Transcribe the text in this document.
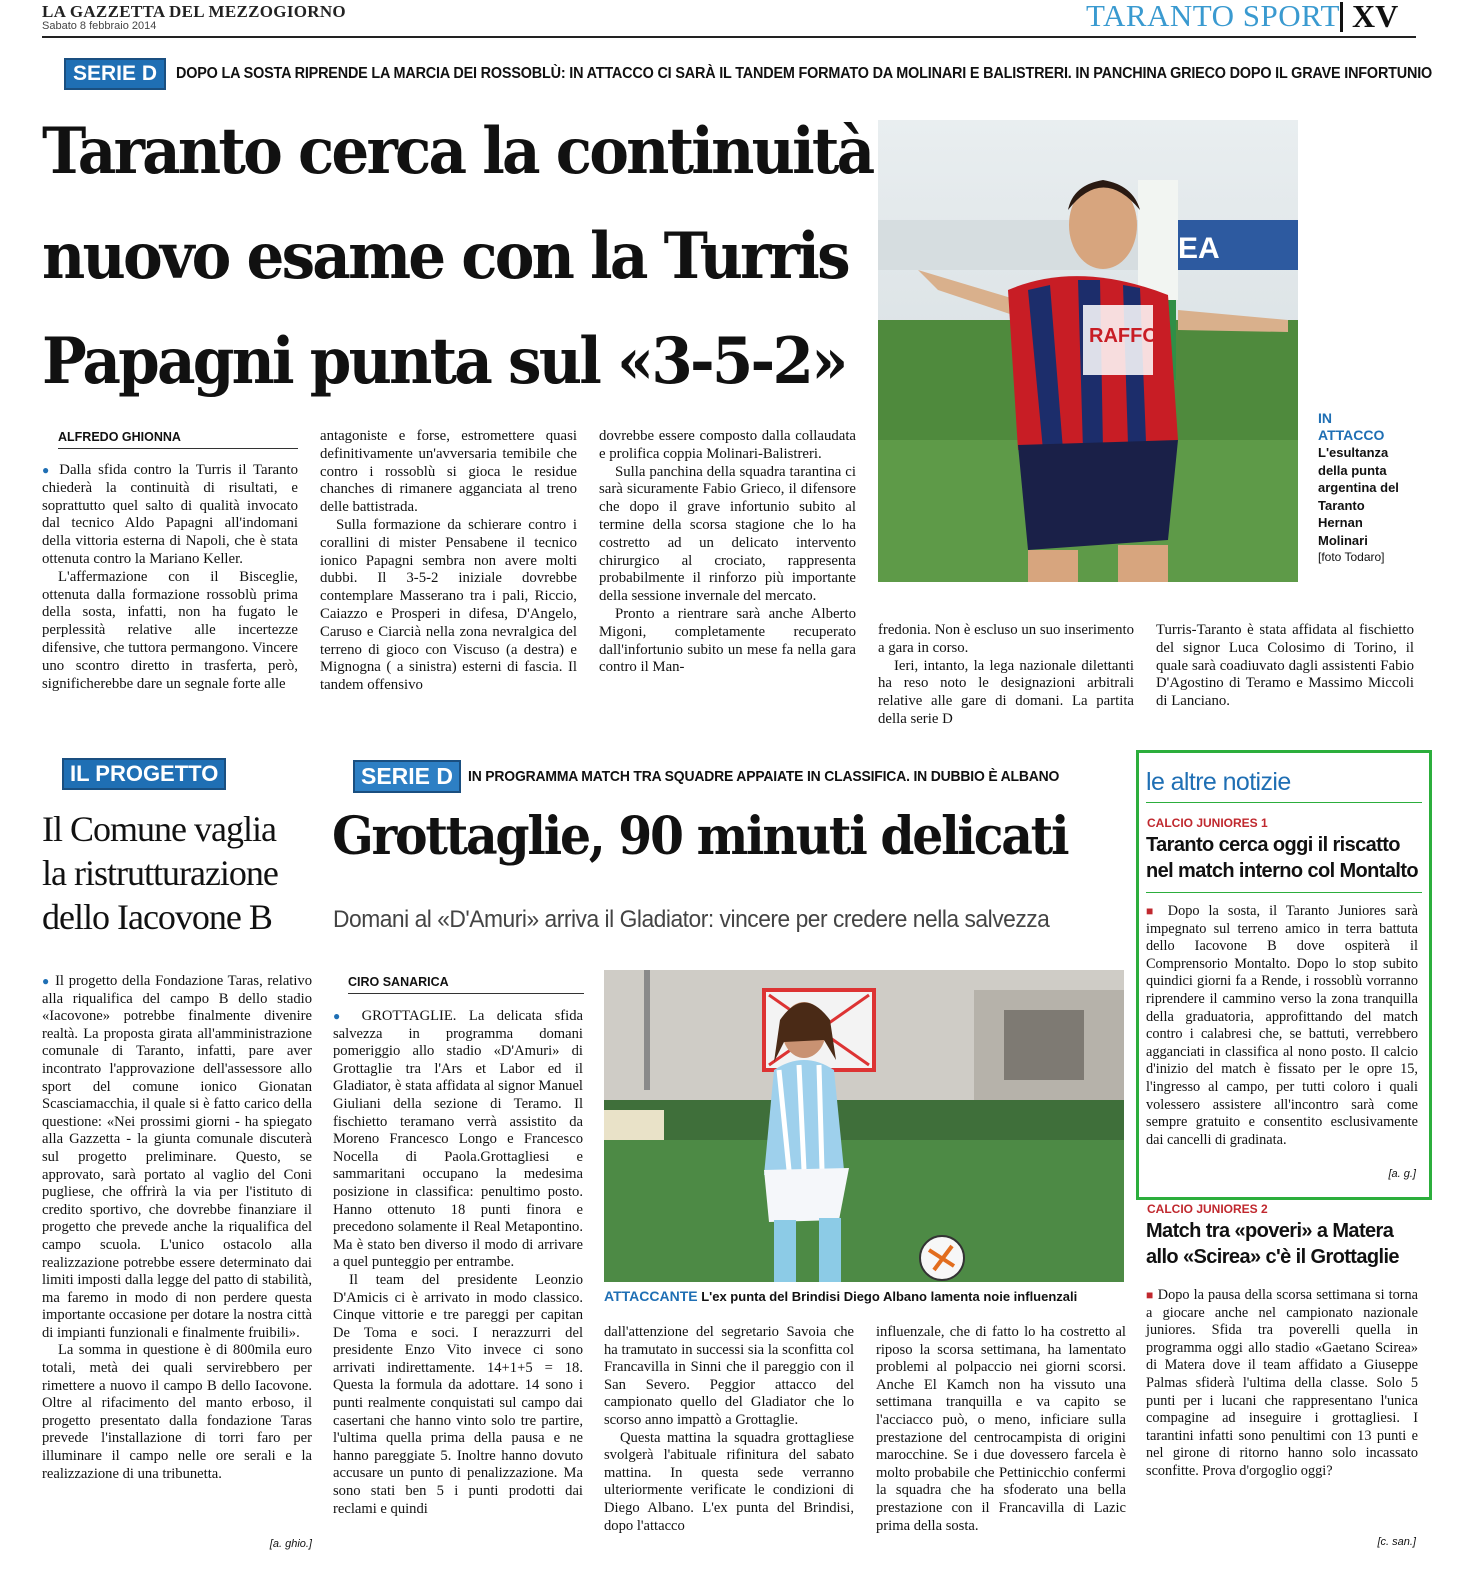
LA GAZZETTA DEL MEZZOGIORNO
Sabato 8 febbraio 2014	TARANTO SPORT XV
SERIE D	DOPO LA SOSTA RIPRENDE LA MARCIA DEI ROSSOBLÙ: IN ATTACCO CI SARÀ IL TANDEM FORMATO DA MOLINARI E BALISTRERI. IN PANCHINA GRIECO DOPO IL GRAVE INFORTUNIO
Taranto cerca la continuità
nuovo esame con la Turris
Papagni punta sul «3-5-2»
ALFREDO GHIONNA

● Dalla sfida contro la Turris il Taranto chiederà la continuità di risultati, e soprattutto quel salto di qualità invocato dal tecnico Aldo Papagni all'indomani della vittoria esterna di Napoli, che è stata ottenuta contro la Mariano Keller.

L'affermazione con il Bisceglie, ottenuta dalla formazione rossoblù prima della sosta, infatti, non ha fugato le perplessità relative alle incertezze difensive, che tuttora permangono. Vincere uno scontro diretto in trasferta, però, significherebbe dare un segnale forte alle

antagoniste e forse, estromettere quasi definitivamente un'avversaria temibile che contro i rossoblù si gioca le residue chanches di rimanere agganciata al treno delle battistrada.

Sulla formazione da schierare contro i corallini di mister Pensabene il tecnico ionico Papagni sembra non avere molti dubbi. Il 3-5-2 iniziale dovrebbe contemplare Masserano tra i pali, Riccio, Caiazzo e Prosperi in difesa, D'Angelo, Caruso e Ciarcià nella zona nevralgica del terreno di gioco con Viscuso (a destra) e Mignogna ( a sinistra) esterni di fascia. Il tandem offensivo

dovrebbe essere composto dalla collaudata e prolifica coppia Molinari-Balistreri.

Sulla panchina della squadra tarantina ci sarà sicuramente Fabio Grieco, il difensore che dopo il grave infortunio subito al termine della scorsa stagione che lo ha costretto ad un delicato intervento chirurgico al crociato, rappresenta probabilmente il rinforzo più importante della sessione invernale del mercato.

Pronto a rientrare sarà anche Alberto Migoni, completamente recuperato dall'infortunio subito un mese fa nella gara contro il Man-

fredonia. Non è escluso un suo inserimento a gara in corso.

Ieri, intanto, la lega nazionale dilettanti ha reso noto le designazioni arbitrali relative alle gare di domani. La partita della serie D

Turris-Taranto è stata affidata al fischietto del signor Luca Colosimo di Torino, il quale sarà coadiuvato dagli assistenti Fabio D'Agostino di Teramo e Massimo Miccoli di Lanciano.

EA
RAFFO
IN
ATTACCO
L'esultanza
della punta
argentina del
Taranto
Hernan
Molinari
[foto Todaro]
IL PROGETTO
Il Comune vaglia
la ristrutturazione
dello Iacovone B

● Il progetto della Fondazione Taras, relativo alla riqualifica del campo B dello stadio «Iacovone» potrebbe finalmente divenire realtà. La proposta girata all'amministrazione comunale di Taranto, infatti, pare aver incontrato l'approvazione dell'assessore allo sport del comune ionico Gionatan Scasciamacchia, il quale si è fatto carico della questione: «Nei prossimi giorni - ha spiegato alla Gazzetta - la giunta comunale discuterà sul progetto preliminare. Questo, se approvato, sarà portato al vaglio del Coni pugliese, che offrirà la via per l'istituto di credito sportivo, che dovrebbe finanziare il progetto che prevede anche la riqualifica del campo scuola. L'unico ostacolo alla realizzazione potrebbe essere determinato dai limiti imposti dalla legge del patto di stabilità, ma faremo in modo di non perdere questa importante occasione per dotare la nostra città di impianti funzionali e finalmente fruibili».

La somma in questione è di 800mila euro totali, metà dei quali servirebbero per rimettere a nuovo il campo B dello Iacovone. Oltre al rifacimento del manto erboso, il progetto presentato dalla fondazione Taras prevede l'installazione di torri faro per illuminare il campo nelle ore serali e la realizzazione di una tribunetta.

[a. ghio.]
SERIE D IN PROGRAMMA MATCH TRA SQUADRE APPAIATE IN CLASSIFICA. IN DUBBIO È ALBANO
Grottaglie, 90 minuti delicati
Domani al «D'Amuri» arriva il Gladiator: vincere per credere nella salvezza
CIRO SANARICA

● GROTTAGLIE. La delicata sfida salvezza in programma domani pomeriggio allo stadio «D'Amuri» di Grottaglie tra l'Ars et Labor ed il Gladiator, è stata affidata al signor Manuel Giuliani della sezione di Teramo. Il fischietto teramano verrà assistito da Moreno Francesco Longo e Francesco Nocella di Paola.Grottagliesi e sammaritani occupano la medesima posizione in classifica: penultimo posto. Hanno ottenuto 18 punti finora e precedono solamente il Real Metapontino. Ma è stato ben diverso il modo di arrivare a quel punteggio per entrambe.

Il team del presidente Leonzio D'Amicis ci è arrivato in modo classico. Cinque vittorie e tre pareggi per capitan De Toma e soci. I nerazzurri del presidente Enzo Vito invece ci sono arrivati indirettamente. 14+1+5 = 18. Questa la formula da adottare. 14 sono i punti realmente conquistati sul campo dai casertani che hanno vinto solo tre partire, l'ultima quella prima della pausa e ne hanno pareggiate 5. Inoltre hanno dovuto accusare un punto di penalizzazione. Ma sono stati ben 5 i punti prodotti dai reclami e quindi

ATTACCANTE L'ex punta del Brindisi Diego Albano lamenta noie influenzali

dall'attenzione del segretario Savoia che ha tramutato in successi sia la sconfitta col Francavilla in Sinni che il pareggio con il San Severo. Peggior attacco del campionato quello del Gladiator che lo scorso anno impattò a Grottaglie.

Questa mattina la squadra grottagliese svolgerà l'abituale rifinitura del sabato mattina. In questa sede verranno ulteriormente verificate le condizioni di Diego Albano. L'ex punta del Brindisi, dopo l'attacco

influenzale, che di fatto lo ha costretto al riposo la scorsa settimana, ha lamentato problemi al polpaccio nei giorni scorsi. Anche El Kamch non ha vissuto una settimana tranquilla e va capito se l'acciacco può, o meno, inficiare sulla prestazione del centrocampista di origini marocchine. Se i due dovessero farcela è molto probabile che Pettinicchio confermi la squadra che ha sfoderato una bella prestazione con il Francavilla di Lazic prima della sosta.

le altre notizie
CALCIO JUNIORES 1
Taranto cerca oggi il riscatto
nel match interno col Montalto
■ Dopo la sosta, il Taranto Juniores sarà impegnato sul terreno amico in terra battuta dello Iacovone B dove ospiterà il Comprensorio Montalto. Dopo lo stop subito quindici giorni fa a Rende, i rossoblù vorranno riprendere il cammino verso la zona tranquilla della graduatoria, approfittando del match contro i calabresi che, se battuti, verrebbero agganciati in classifica al nono posto. Il calcio d'inizio del match è fissato per le opre 15, l'ingresso al campo, per tutti coloro i quali volessero assistere all'incontro sarà come sempre gratuito e consentito esclusivamente dai cancelli di gradinata.
[a. g.]
CALCIO JUNIORES 2
Match tra «poveri» a Matera
allo «Scirea» c'è il Grottaglie
■ Dopo la pausa della scorsa settimana si torna a giocare anche nel campionato nazionale juniores. Sfida tra poverelli quella in programma oggi allo stadio «Gaetano Scirea» di Matera dove il team affidato a Giuseppe Palmas sfiderà l'ultima della classe. Solo 5 punti per i lucani che rappresentano l'unica compagine ad inseguire i grottagliesi. I tarantini infatti sono penultimi con 13 punti e nel girone di ritorno hanno solo incassato sconfitte. Prova d'orgoglio oggi?
[c. san.]
